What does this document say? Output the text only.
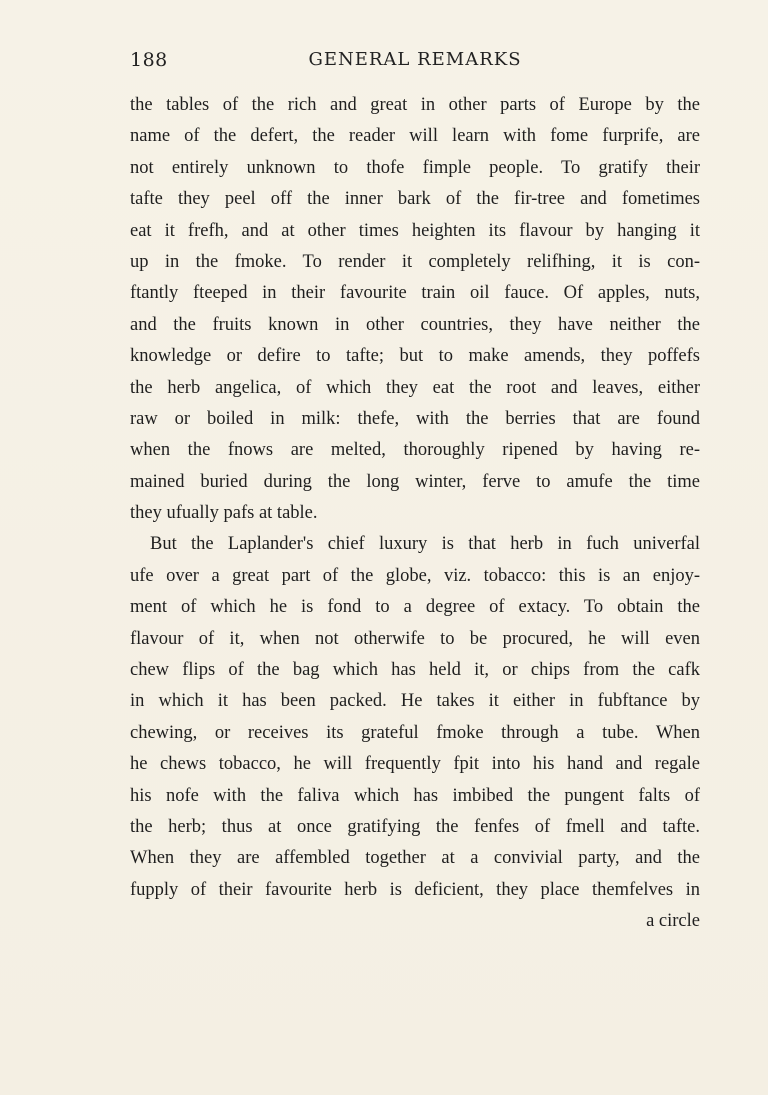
188	GENERAL REMARKS
the tables of the rich and great in other parts of Europe by the
name of the defert, the reader will learn with fome furprife, are
not entirely unknown to thofe fimple people. To gratify their
tafte they peel off the inner bark of the fir-tree and fometimes
eat it frefh, and at other times heighten its flavour by hanging it
up in the fmoke. To render it completely relifhing, it is con-
ftantly fteeped in their favourite train oil fauce. Of apples, nuts,
and the fruits known in other countries, they have neither the
knowledge or defire to tafte; but to make amends, they poffefs
the herb angelica, of which they eat the root and leaves, either
raw or boiled in milk: thefe, with the berries that are found
when the fnows are melted, thoroughly ripened by having re-
mained buried during the long winter, ferve to amufe the time
they ufually pafs at table.
But the Laplander's chief luxury is that herb in fuch univerfal
ufe over a great part of the globe, viz. tobacco: this is an enjoy-
ment of which he is fond to a degree of extacy. To obtain the
flavour of it, when not otherwife to be procured, he will even
chew flips of the bag which has held it, or chips from the cafk
in which it has been packed. He takes it either in fubftance by
chewing, or receives its grateful fmoke through a tube. When
he chews tobacco, he will frequently fpit into his hand and regale
his nofe with the faliva which has imbibed the pungent falts of
the herb; thus at once gratifying the fenfes of fmell and tafte.
When they are affembled together at a convivial party, and the
fupply of their favourite herb is deficient, they place themfelves in
a circle
